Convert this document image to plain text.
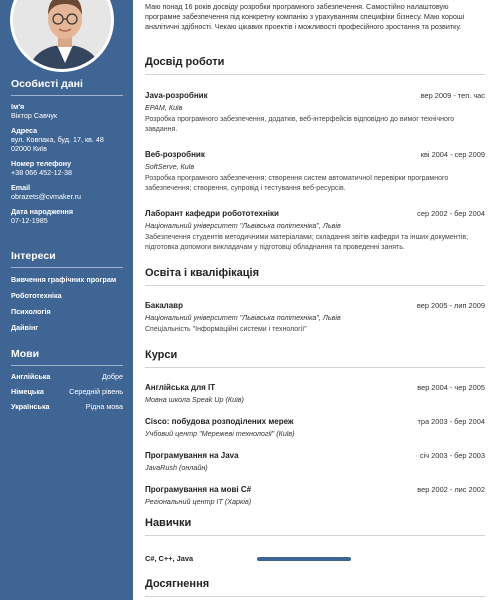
Особисті дані
Ім'я
Віктор Савчук
Адреса
вул. Ковпака, буд. 17, кв. 48 02000 Київ
Номер телефону
+38 066 452-12-38
Email
obrazets@cvmaker.ru
Дата народження
07-12-1985
Інтереси
Вивчення графічних програм
Робототехніка
Психологія
Дайвінг
Мови
Англійська	Добре
Німецька	Середній рівень
Українська	Рідна мова
Маю понад 16 років досвіду розробки програмного забезпечення. Самостійно налаштовую програмне забезпечення під конкретну компанію з урахуванням специфіки бізнесу. Маю хороші аналітичні здібності. Чекаю цікавих проектів і можливості професійного зростання та розвитку.
Досвід роботи
Java-розробник	вер 2009 - теп. час
EPAM, Київ
Розробка програмного забезпечення, додатків, веб-інтерфейсів відповідно до вимог технічного завдання.
Веб-розробник	кві 2004 - сер 2009
SoftServe, Київ
Розробка програмного забезпечення; створення систем автоматичної перевірки програмного забезпечення; створення, супровід і тестування веб-ресурсів.
Лаборант кафедри робототехніки	сер 2002 - бер 2004
Національний університет "Львівська політехніка", Львів
Забезпечення студентів методичними матеріалами; складання звітів кафедри та інших документів; підготовка допомоги викладачам у підготовці обладнання та проведенні занять.
Освіта і кваліфікація
Бакалавр	вер 2005 - лип 2009
Національний університет "Львівська політехніка", Львів
Спеціальність "Інформаційні системи і технології"
Курси
Англійська для IT	вер 2004 - чер 2005
Мовна школа Speak Up (Київ)
Cisco: побудова розподілених мереж	тра 2003 - бер 2004
Учбовий центр "Мережеві технології" (Київ)
Програмування на Java	січ 2003 - бер 2003
JavaRush (онлайн)
Програмування на мові C#	вер 2002 - лис 2002
Регіональний центр IT (Харків)
Навички
C#, C++, Java
Досягнення
